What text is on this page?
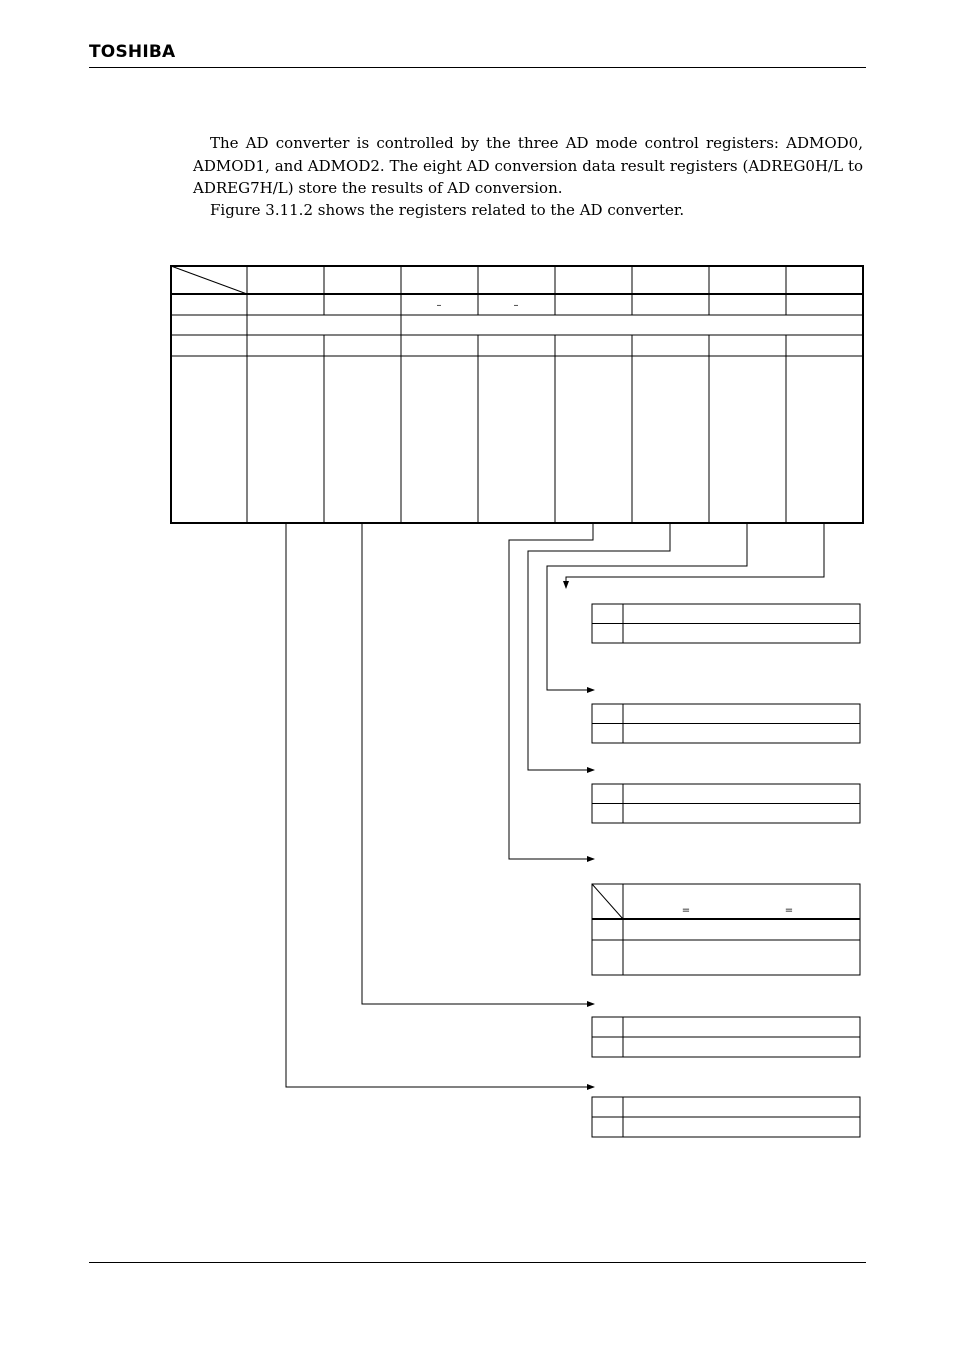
TOSHIBA

The AD converter is controlled by the three AD mode control registers: ADMOD0, ADMOD1, and ADMOD2. The eight AD conversion data result registers (ADREG0H/L to ADREG7H/L) store the results of AD conversion.

Figure 3.11.2 shows the registers related to the AD converter.

–	–
=	=
